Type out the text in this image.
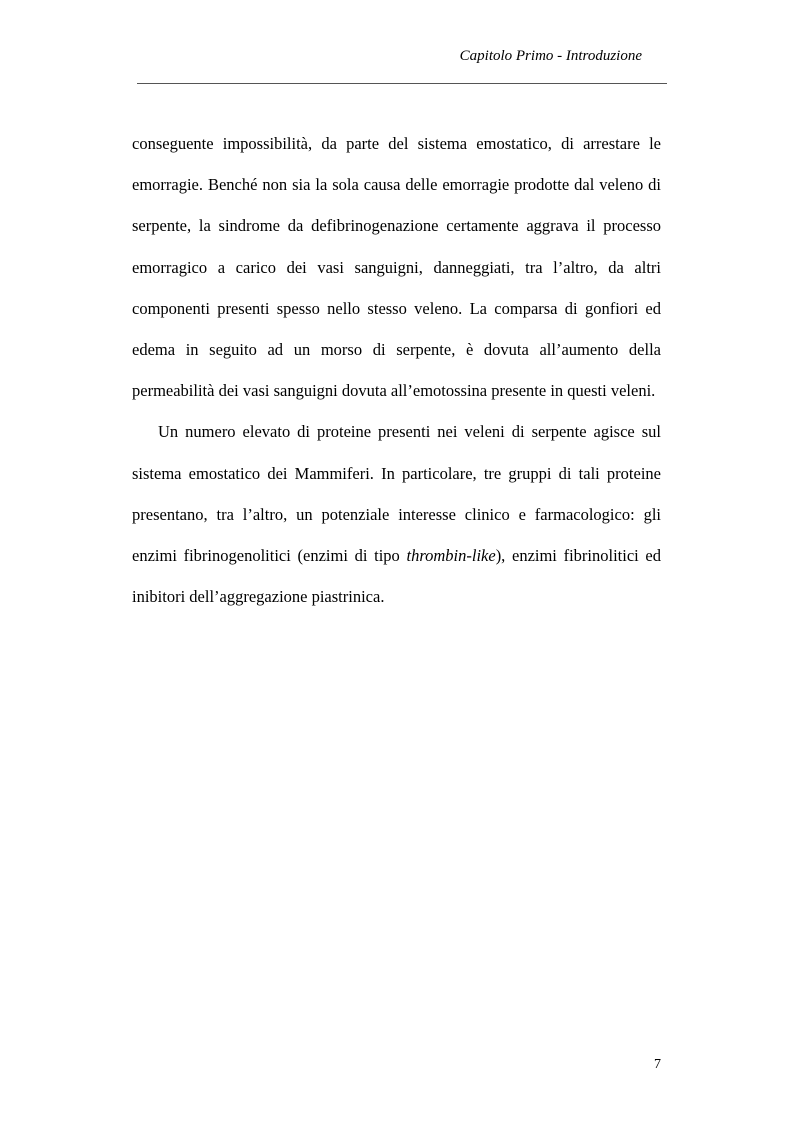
Capitolo Primo - Introduzione

conseguente impossibilità, da parte del sistema emostatico, di arrestare le emorragie. Benché non sia la sola causa delle emorragie prodotte dal veleno di serpente, la sindrome da defibrinogenazione certamente aggrava il processo emorragico a carico dei vasi sanguigni, danneggiati, tra l’altro, da altri componenti presenti spesso nello stesso veleno. La comparsa di gonfiori ed edema in seguito ad un morso di serpente, è dovuta all’aumento della permeabilità dei vasi sanguigni dovuta all’emotossina presente in questi veleni.

Un numero elevato di proteine presenti nei veleni di serpente agisce sul sistema emostatico dei Mammiferi. In particolare, tre gruppi di tali proteine presentano, tra l’altro, un potenziale interesse clinico e farmacologico: gli enzimi fibrinogenolitici (enzimi di tipo thrombin-like), enzimi fibrinolitici ed inibitori dell’aggregazione piastrinica.

7
